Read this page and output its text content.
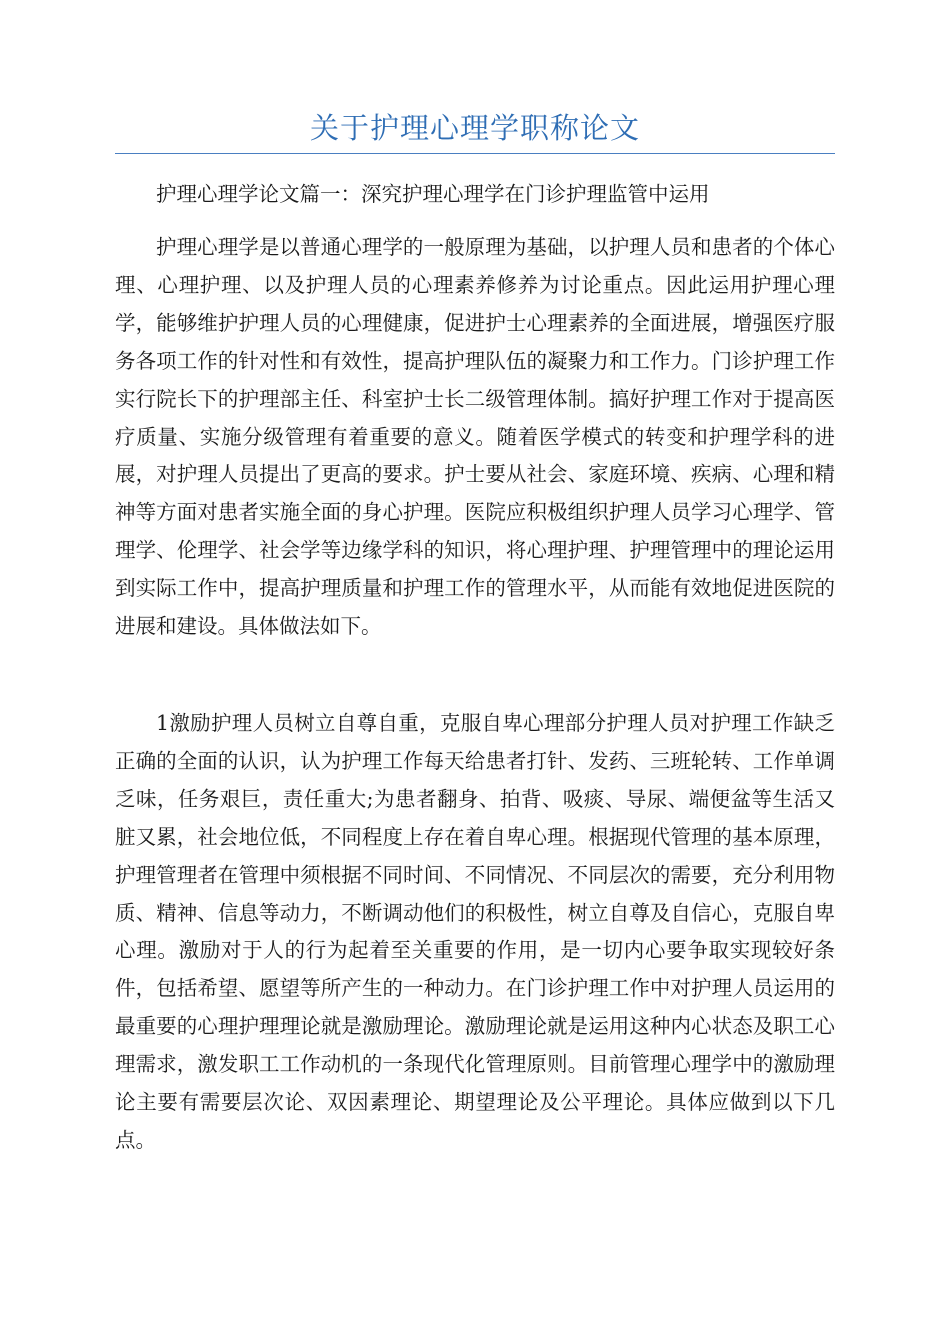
关于护理心理学职称论文

护理心理学论文篇一：深究护理心理学在门诊护理监管中运用

护理心理学是以普通心理学的一般原理为基础，以护理人员和患者的个体心理、心理护理、以及护理人员的心理素养修养为讨论重点。因此运用护理心理学，能够维护护理人员的心理健康，促进护士心理素养的全面进展，增强医疗服务各项工作的针对性和有效性，提高护理队伍的凝聚力和工作力。门诊护理工作实行院长下的护理部主任、科室护士长二级管理体制。搞好护理工作对于提高医疗质量、实施分级管理有着重要的意义。随着医学模式的转变和护理学科的进展，对护理人员提出了更高的要求。护士要从社会、家庭环境、疾病、心理和精神等方面对患者实施全面的身心护理。医院应积极组织护理人员学习心理学、管理学、伦理学、社会学等边缘学科的知识，将心理护理、护理管理中的理论运用到实际工作中，提高护理质量和护理工作的管理水平，从而能有效地促进医院的进展和建设。具体做法如下。

1激励护理人员树立自尊自重，克服自卑心理部分护理人员对护理工作缺乏正确的全面的认识，认为护理工作每天给患者打针、发药、三班轮转、工作单调乏味，任务艰巨，责任重大;为患者翻身、拍背、吸痰、导尿、端便盆等生活又脏又累，社会地位低，不同程度上存在着自卑心理。根据现代管理的基本原理，护理管理者在管理中须根据不同时间、不同情况、不同层次的需要，充分利用物质、精神、信息等动力，不断调动他们的积极性，树立自尊及自信心，克服自卑心理。激励对于人的行为起着至关重要的作用，是一切内心要争取实现较好条件，包括希望、愿望等所产生的一种动力。在门诊护理工作中对护理人员运用的最重要的心理护理理论就是激励理论。激励理论就是运用这种内心状态及职工心理需求，激发职工工作动机的一条现代化管理原则。目前管理心理学中的激励理论主要有需要层次论、双因素理论、期望理论及公平理论。具体应做到以下几点。
